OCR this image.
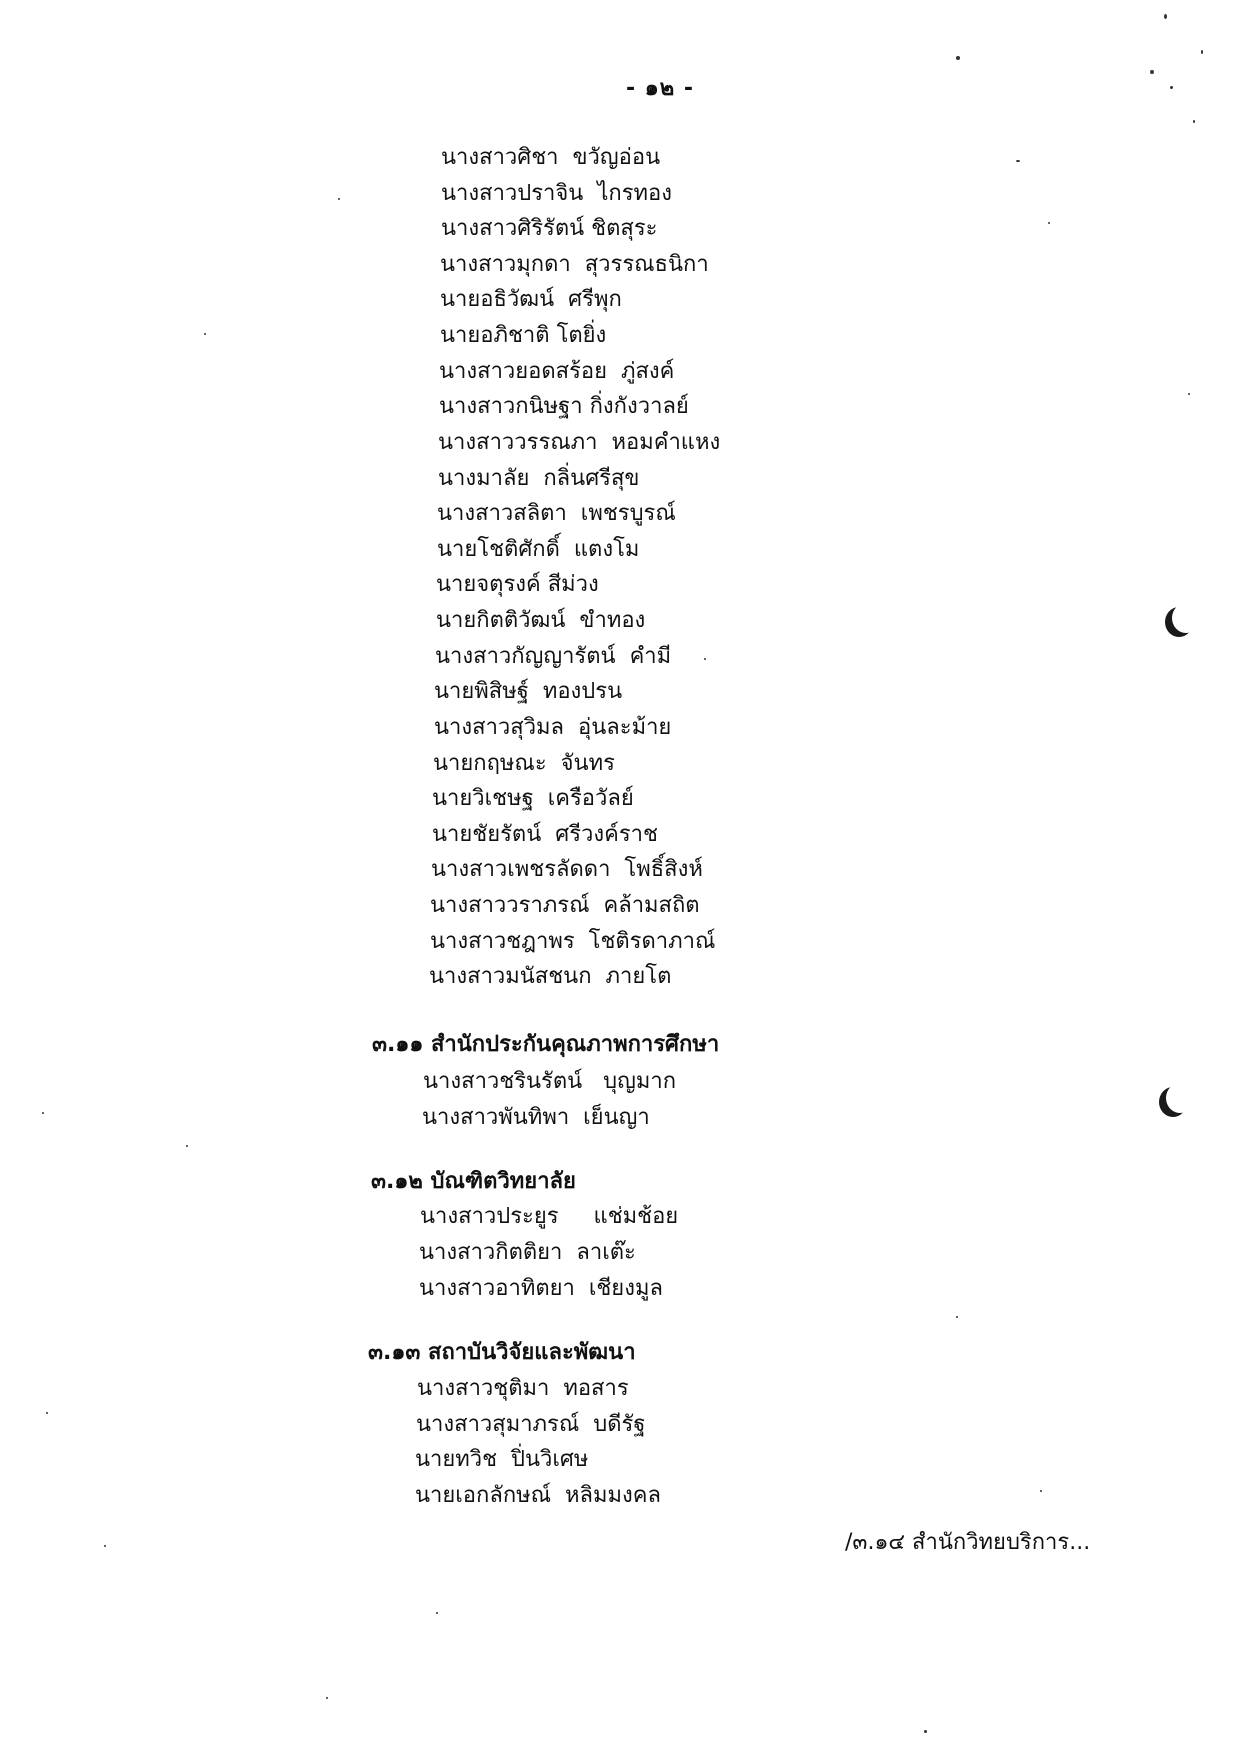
- ๑๒ -
นางสาวศิชา  ขวัญอ่อน
นางสาวปราจิน  ไกรทอง
นางสาวศิริรัตน์ ชิตสุระ
นางสาวมุกดา  สุวรรณธนิกา
นายอธิวัฒน์  ศรีพุก
นายอภิชาติ โตยิ่ง
นางสาวยอดสร้อย  ภู่สงค์
นางสาวกนิษฐา กิ่งกังวาลย์
นางสาววรรณภา  หอมคำแหง
นางมาลัย  กลิ่นศรีสุข
นางสาวสลิตา  เพชรบูรณ์
นายโชติศักดิ์  แตงโม
นายจตุรงค์ สีม่วง
นายกิตติวัฒน์  ขำทอง
นางสาวกัญญารัตน์  คำมี
นายพิสิษฐ์  ทองปรน
นางสาวสุวิมล  อุ่นละม้าย
นายกฤษณะ  จันทร
นายวิเชษฐ  เครือวัลย์
นายชัยรัตน์  ศรีวงค์ราช
นางสาวเพชรลัดดา  โพธิ์สิงห์
นางสาววราภรณ์  คล้ามสถิต
นางสาวชฎาพร  โชติรดาภาณ์
นางสาวมนัสชนก  ภายโต
๓.๑๑ สำนักประกันคุณภาพการศึกษา
นางสาวชรินรัตน์   บุญมาก
นางสาวพันทิพา  เย็นญา
๓.๑๒ บัณฑิตวิทยาลัย
นางสาวประยูร     แช่มช้อย
นางสาวกิตติยา  ลาเต๊ะ
นางสาวอาทิตยา  เชียงมูล
๓.๑๓ สถาบันวิจัยและพัฒนา
นางสาวชุติมา  ทอสาร
นางสาวสุมาภรณ์  บดีรัฐ
นายทวิช  ปิ่นวิเศษ
นายเอกลักษณ์  หลิมมงคล
/๓.๑๔ สำนักวิทยบริการ...
